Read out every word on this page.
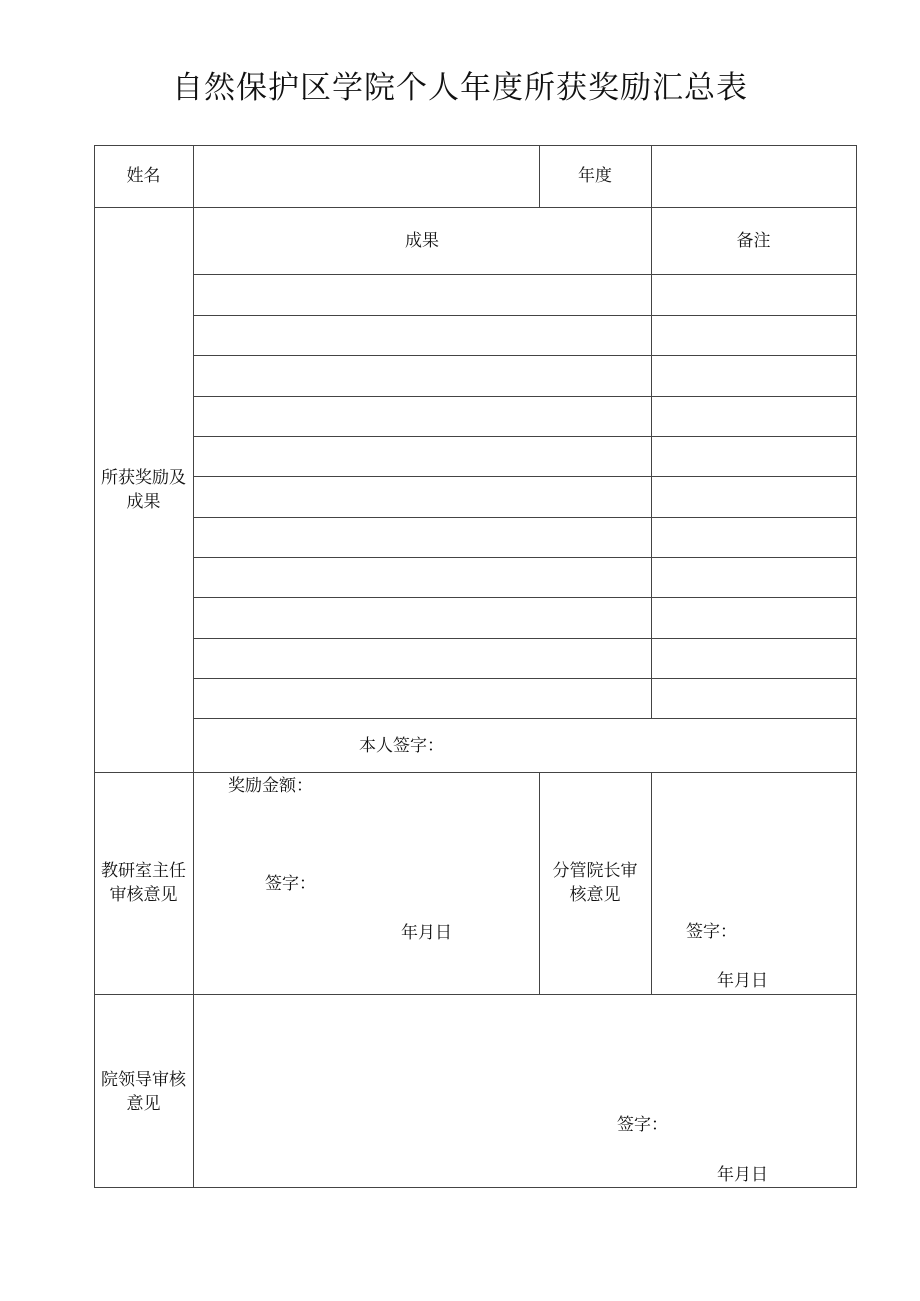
自然保护区学院个人年度所获奖励汇总表
姓名	年度
所获奖励及
成果
成果	备注
本人签字：
教研室主任
审核意见
奖励金额：
签字：
年月日
分管院长审
核意见
签字：
年月日
院领导审核
意见
签字：
年月日
